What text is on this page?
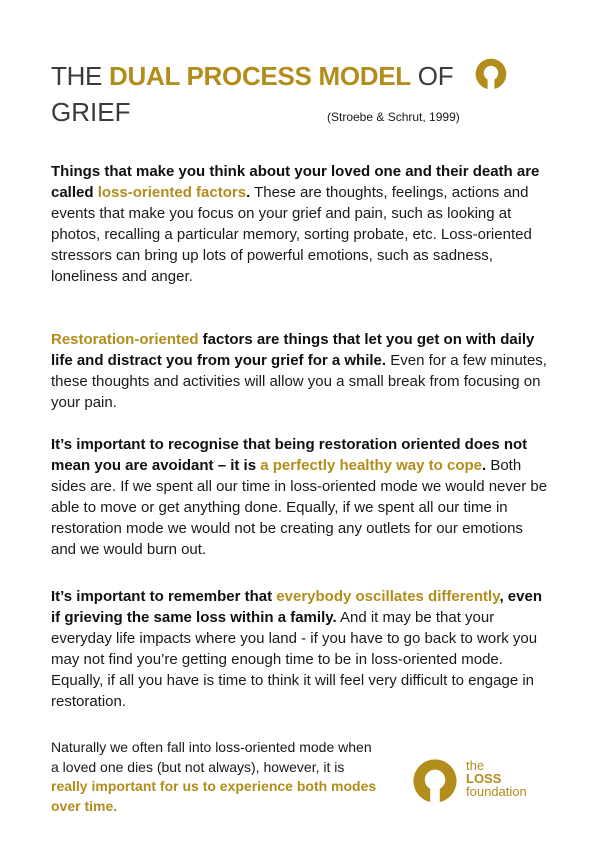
THE DUAL PROCESS MODEL OF
GRIEF	(Stroebe & Schrut, 1999)

Things that make you think about your loved one and their death are called loss-oriented factors. These are thoughts, feelings, actions and events that make you focus on your grief and pain, such as looking at photos, recalling a particular memory, sorting probate, etc. Loss-oriented stressors can bring up lots of powerful emotions, such as sadness, loneliness and anger.

Restoration-oriented factors are things that let you get on with daily life and distract you from your grief for a while. Even for a few minutes, these thoughts and activities will allow you a small break from focusing on your pain.

It’s important to recognise that being restoration oriented does not mean you are avoidant – it is a perfectly healthy way to cope. Both sides are. If we spent all our time in loss-oriented mode we would never be able to move or get anything done. Equally, if we spent all our time in restoration mode we would not be creating any outlets for our emotions and we would burn out.

It’s important to remember that everybody oscillates differently, even if grieving the same loss within a family. And it may be that your everyday life impacts where you land - if you have to go back to work you may not find you’re getting enough time to be in loss-oriented mode. Equally, if all you have is time to think it will feel very difficult to engage in restoration.

Naturally we often fall into loss-oriented mode when a loved one dies (but not always), however, it is really important for us to experience both modes over time.

the
LOSS
foundation
